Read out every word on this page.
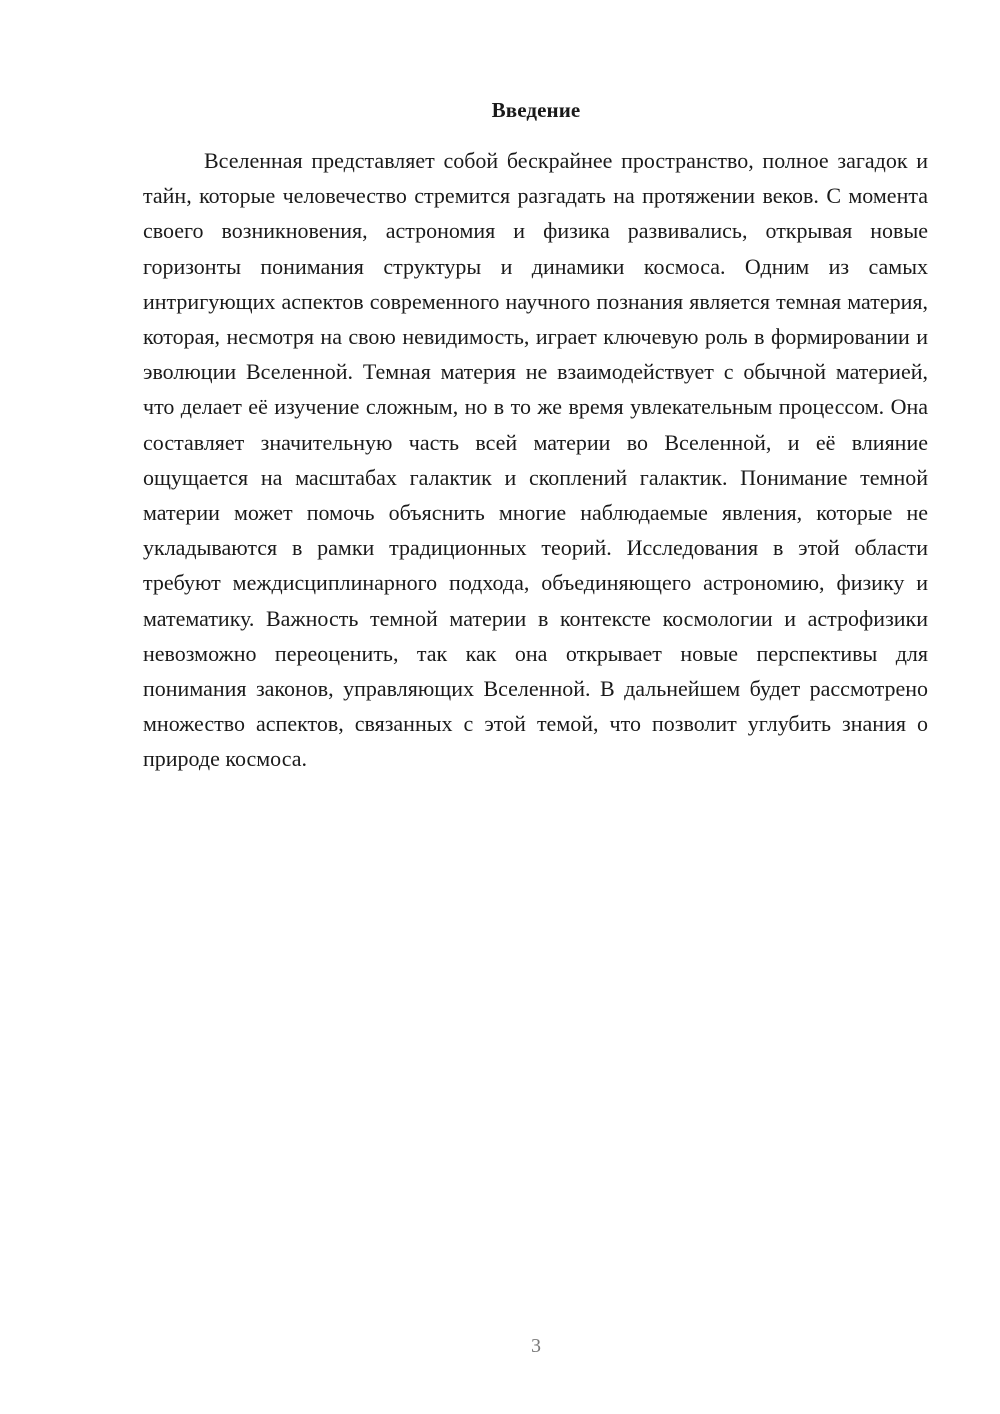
Введение

Вселенная представляет собой бескрайнее пространство, полное загадок и тайн, которые человечество стремится разгадать на протяжении веков. С момента своего возникновения, астрономия и физика развивались, открывая новые горизонты понимания структуры и динамики космоса. Одним из самых интригующих аспектов современного научного познания является темная материя, которая, несмотря на свою невидимость, играет ключевую роль в формировании и эволюции Вселенной. Темная материя не взаимодействует с обычной материей, что делает её изучение сложным, но в то же время увлекательным процессом. Она составляет значительную часть всей материи во Вселенной, и её влияние ощущается на масштабах галактик и скоплений галактик. Понимание темной материи может помочь объяснить многие наблюдаемые явления, которые не укладываются в рамки традиционных теорий. Исследования в этой области требуют междисциплинарного подхода, объединяющего астрономию, физику и математику. Важность темной материи в контексте космологии и астрофизики невозможно переоценить, так как она открывает новые перспективы для понимания законов, управляющих Вселенной. В дальнейшем будет рассмотрено множество аспектов, связанных с этой темой, что позволит углубить знания о природе космоса.

3
